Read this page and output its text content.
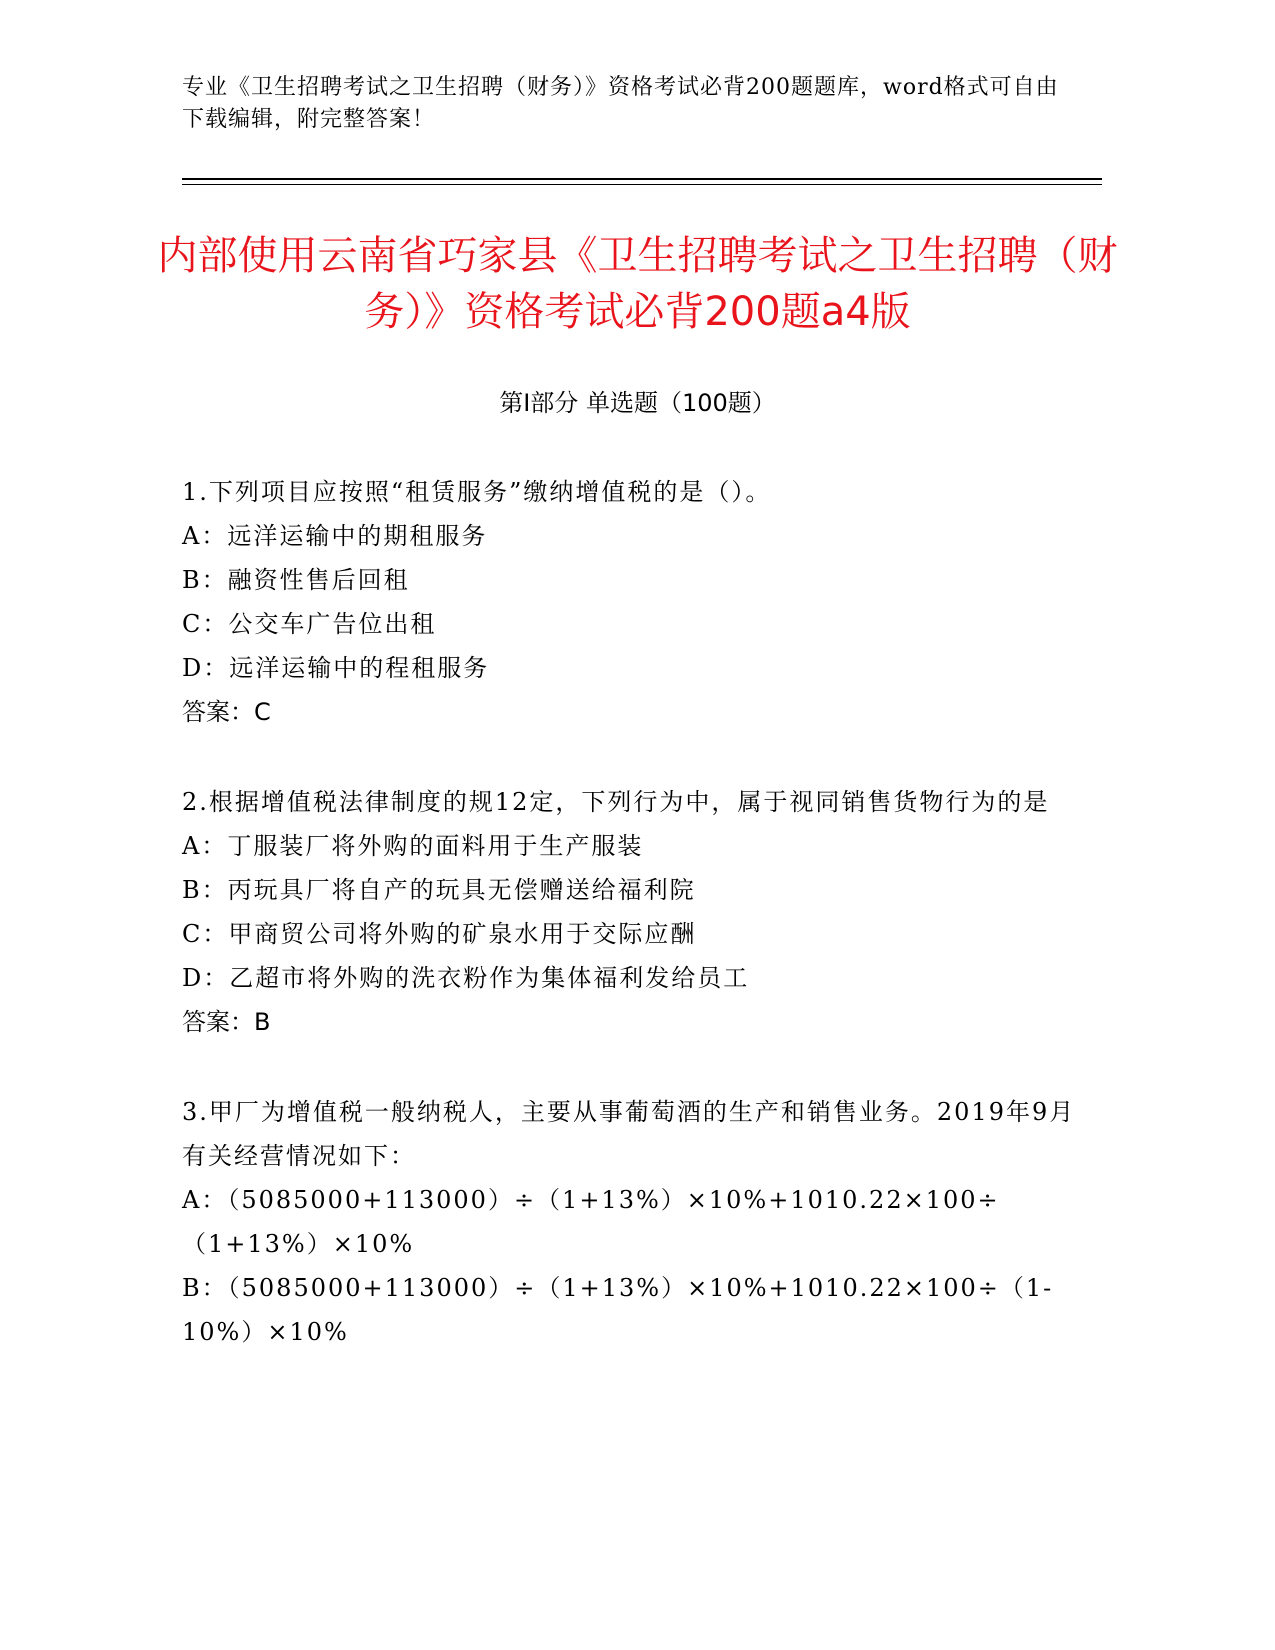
专业《卫生招聘考试之卫生招聘（财务）》资格考试必背200题题库，word格式可自由下载编辑，附完整答案！
内部使用云南省巧家县《卫生招聘考试之卫生招聘（财务）》资格考试必背200题a4版
第Ⅰ部分 单选题（100题）
1.下列项目应按照“租赁服务”缴纳增值税的是（）。
A：远洋运输中的期租服务
B：融资性售后回租
C：公交车广告位出租
D：远洋运输中的程租服务
答案：C
2.根据增值税法律制度的规12定，下列行为中，属于视同销售货物行为的是
A：丁服装厂将外购的面料用于生产服装
B：丙玩具厂将自产的玩具无偿赠送给福利院
C：甲商贸公司将外购的矿泉水用于交际应酬
D：乙超市将外购的洗衣粉作为集体福利发给员工
答案：B
3.甲厂为增值税一般纳税人，主要从事葡萄酒的生产和销售业务。2019年9月有关经营情况如下：
A：（5085000+113000）÷（1+13%）×10%+1010.22×100÷（1+13%）×10%
B：（5085000+113000）÷（1+13%）×10%+1010.22×100÷（1-10%）×10%
